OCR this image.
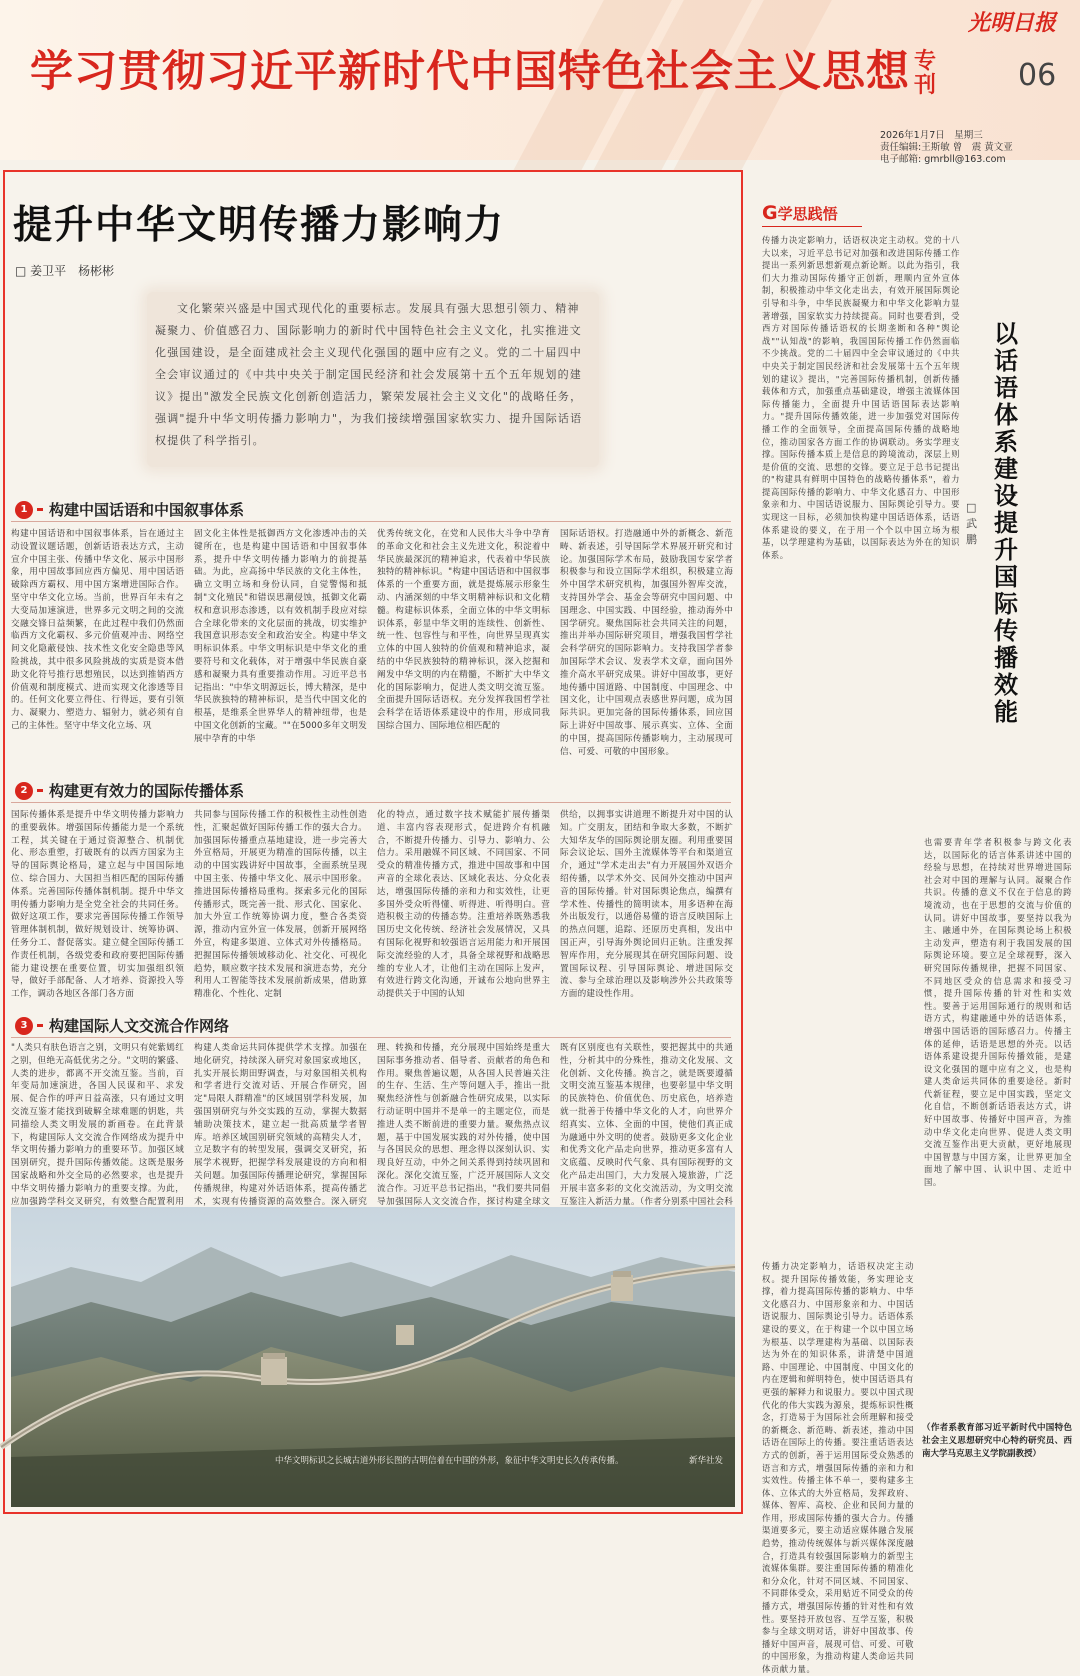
学习贯彻习近平新时代中国特色社会主义思想 专刊
光明日报
06
2026年1月7日　星期三
责任编辑:王斯敏 曾　震 黄文亚
电子邮箱: gmrbll@163.com
提升中华文明传播力影响力
□ 姜卫平　杨彬彬

文化繁荣兴盛是中国式现代化的重要标志。发展具有强大思想引领力、精神凝聚力、价值感召力、国际影响力的新时代中国特色社会主义文化，扎实推进文化强国建设，是全面建成社会主义现代化强国的题中应有之义。党的二十届四中全会审议通过的《中共中央关于制定国民经济和社会发展第十五个五年规划的建议》提出"激发全民族文化创新创造活力，繁荣发展社会主义文化"的战略任务，强调"提升中华文明传播力影响力"，为我们接续增强国家软实力、提升国际话语权提供了科学指引。

1	构建中国话语和中国叙事体系
构建中国话语和中国叙事体系，旨在通过主动设置议题话题，创新话语表达方式，主动宣介中国主张、传播中华文化、展示中国形象，用中国故事回应西方偏见、用中国话语破除西方霸权、用中国方案增进国际合作。坚守中华文化立场。当前，世界百年未有之大变局加速演进，世界多元文明之间的交流交融交锋日益频繁，在此过程中我们仍然面临西方文化霸权、多元价值观冲击、网络空间文化隐蔽侵蚀、技术性文化安全隐患等风险挑战，其中很多风险挑战的实质是资本借助文化符号推行思想殖民，以达到推销西方价值观和制度模式、进而实现文化渗透等目的。任何文化要立得住、行得远，要有引领力、凝聚力、塑造力、辐射力，就必须有自己的主体性。坚守中华文化立场、巩
固文化主体性是抵御西方文化渗透冲击的关键所在，也是构建中国话语和中国叙事体系，提升中华文明传播力影响力的前提基础。为此，应高扬中华民族的文化主体性，确立文明立场和身份认同，自觉警惕和抵制"文化殖民"和错误思潮侵蚀，抵御文化霸权和意识形态渗透，以有效机制手段应对综合全球化带来的文化层面的挑战，切实维护我国意识形态安全和政治安全。构建中华文明标识体系。中华文明标识是中华文化的重要符号和文化载体，对于增强中华民族自豪感和凝聚力具有重要推动作用。习近平总书记指出："中华文明源远长，博大精深，是中华民族独特的精神标识，是当代中国文化的根基，是维系全世界华人的精神纽带，也是中国文化创新的宝藏。""在5000多年文明发展中孕育的中华
优秀传统文化，在党和人民伟大斗争中孕育的革命文化和社会主义先进文化，积淀着中华民族最深沉的精神追求，代表着中华民族独特的精神标识。"构建中国话语和中国叙事体系的一个重要方面，就是提炼展示形象生动、内涵深刻的中华文明精神标识和文化精髓。构建标识体系，全面立体的中华文明标识体系，彰显中华文明的连续性、创新性、统一性、包容性与和平性，向世界呈现真实立体的中国人独特的价值观和精神追求，凝结的中华民族独特的精神标识，深入挖掘和阐发中华文明的内在精髓，不断扩大中华文化的国际影响力，促进人类文明交流互鉴。全面提升国际话语权。充分发挥我国哲学社会科学在话语体系建设中的作用，形成同我国综合国力、国际地位相匹配的
国际话语权。打造融通中外的新概念、新范畴、新表述，引导国际学术界展开研究和讨论。加强国际学术布局，鼓励我国专家学者积极参与和设立国际学术组织，积极建立海外中国学术研究机构，加强国外智库交流，支持国外学会、基金会等研究中国问题、中国理念、中国实践、中国经验，推动海外中国学研究。聚焦国际社会共同关注的问题，推出并举办国际研究项目，增强我国哲学社会科学研究的国际影响力。支持我国学者参加国际学术会议、发表学术文章，面向国外推介高水平研究成果。讲好中国故事，更好地传播中国道路、中国制度、中国理念、中国文化，让中国观点表感世界问题，成为国际共识。更加完备的国际传播体系，回应国际上讲好中国故事、展示真实、立体、全面的中国，提高国际传播影响力，主动展现可信、可爱、可敬的中国形象。
2	构建更有效力的国际传播体系
国际传播体系是提升中华文明传播力影响力的重要载体。增强国际传播能力是一个系统工程，其关键在于通过资源整合、机制优化、形态重塑，打破既有的以西方国家为主导的国际舆论格局，建立起与中国国际地位、综合国力、大国担当相匹配的国际传播体系。完善国际传播体制机制。提升中华文明传播力影响力是全党全社会的共同任务。做好这项工作，要求完善国际传播工作领导管理体制机制，做好规划设计、统筹协调、任务分工、督促落实。建立健全国际传播工作责任机制，各级党委和政府要把国际传播能力建设摆在重要位置，切实加强组织领导，做好手部配备、人才培养、资源投入等工作，调动各地区各部门各方面
共同参与国际传播工作的积极性主动性创造性，汇聚起做好国际传播工作的强大合力。加强国际传播重点基地建设，进一步完善大外宣格局，开展更为精准的国际传播，以主动的中国实践讲好中国故事，全面系统呈现中国主张、传播中华文化、展示中国形象。推进国际传播格局重构。探索多元化的国际传播形式，既完善一批、形式化、国家化、加大外宣工作统筹协调力度，整合各类资源，推动内宣外宣一体发展，创新开展网络外宣，构建多渠道、立体式对外传播格局。把握国际传播领域移动化、社交化、可视化趋势，顺应数字技术发展和演进态势，充分利用人工智能等技术发展前新成果，借助算精准化、个性化、定制
化的特点，通过数字技术赋能扩展传播渠道、丰富内容表现形式，促进跨介有机融合，不断提升传播力、引导力、影响力、公信力。采用融媒不同区域、不同国家、不同受众的精准传播方式，推进中国故事和中国声音的全球化表达、区域化表达、分众化表达，增强国际传播的亲和力和实效性，让更多国外受众听得懂、听得进、听得明白。营造积极主动的传播态势。注重培养既熟悉我国历史文化传统、经济社会发展情况，又具有国际化视野和较强语言运用能力和开展国际交流经验的人才，具备全球视野和战略思维的专业人才，让他们主动在国际上发声，有效进行跨文化沟通，开诚布公地向世界主动提供关于中国的认知
供给，以拥事实讲道理不断提升对中国的认知。广交朋友，团结和争取大多数，不断扩大知华友华的国际舆论朋友圈。利用重要国际会议论坛、国外主流媒体等平台和渠道宣介，通过"学术走出去"有力开展国外双语介绍传播，以学术外交、民间外交推动中国声音的国际传播。针对国际舆论焦点，编撰有学术性、传播性的简明读本，用多语种在海外出版发行，以通俗易懂的语言反映国际上的热点问题，追踪、还原历史真相，发出中国正声，引导海外舆论回归正轨。注重发挥智库作用，充分展现其在研究国际问题、设置国际议程、引导国际舆论、增进国际交流、参与全球治理以及影响涉外公共政策等方面的建设性作用。
3	构建国际人文交流合作网络
"人类只有肤色语言之别，文明只有姹紫嫣红之别，但绝无高低优劣之分。"文明的繁盛、人类的进步，都离不开交流互鉴。当前，百年变局加速演进，各国人民谋和平、求发展、促合作的呼声日益高涨，只有通过文明交流互鉴才能找到破解全球难题的钥匙，共同描绘人类文明发展的新画卷。在此背景下，构建国际人文交流合作网络成为提升中华文明传播力影响力的重要环节。加强区域国别研究，提升国际传播效能。这既是服务国家战略和外交全局的必然要求，也是提升中华文明传播力影响力的重要支撑。为此，应加强跨学科交叉研究，有效整合配置利用
构建人类命运共同体提供学术支撑。加强在地化研究，持续深入研究对象国家或地区，扎实开展长期田野调查，与对象国相关机构和学者进行交流对话、开展合作研究，固定"局限人群精准"的区域国别学科发展，加强国别研究与外交实践的互动，掌握大数据辅助决策技术，建立起一批高质量学者智库。培养区域国别研究领域的高精尖人才，立足数字有的转型发展，强调交叉研究，拓展学术视野，把握学科发展建设的方向和相关问题。加强国际传播理论研究，掌握国际传播规律，构建对外话语体系，提高传播艺术，实现有传播资源的高效整合。深入研究
理、转换和传播，充分展现中国始终是重大国际事务推动者、倡导者、贡献者的角色和作用。聚焦普遍议题，从各国人民普遍关注的生存、生活、生产等问题入手，推出一批聚焦经济性与创新融合性研究成果，以实际行动证明中国并不是单一的主题定位，而是推进人类不断前进的重要力量。聚焦热点议题，基于中国发展实践的对外传播，使中国与各国民众的思想、理念得以深刻认识、实现良好互动，中外之间关系得到持续巩固和深化。深化交流互鉴，广泛开展国际人文交流合作。习近平总书记指出，"我们要共同倡导加强国际人文交流合作，探讨构建全球文
既有区别度也有关联性，要把握其中的共通性，分析其中的分殊性，推动文化发展、文化创新、文化传播。换言之，就是既要遵循文明交流互鉴基本规律，也要彰显中华文明的民族特色、价值优色、历史底色，培养造就一批善于传播中华文化的人才，向世界介绍真实、立体、全面的中国，使他们真正成为融通中外文明的使者。鼓励更多文化企业和优秀文化产品走向世界，推动更多富有人文底蕴、反映时代气象、具有国际视野的文化产品走出国门，大力发展入境旅游，广泛开展丰富多彩的文化交流活动，为文明交流互鉴注入新活力量。（作者分别系中国社会科
中华文明标识之长城古道外形长图的古明信着在中国的外形，象征中华文明史长久传承传播。	新华社发
G学思践悟
传播力决定影响力，话语权决定主动权。党的十八大以来，习近平总书记对加强和改进国际传播工作提出一系列新思想新观点新论断。以此为指引，我们大力推动国际传播守正创新，理顺内宣外宣体制，积极推动中华文化走出去，有效开展国际舆论引导和斗争，中华民族凝聚力和中华文化影响力显著增强，国家软实力持续提高。同时也要看到，受西方对国际传播话语权的长期垄断和各种"舆论战""认知战"的影响，我国国际传播工作仍然面临不少挑战。党的二十届四中全会审议通过的《中共中央关于制定国民经济和社会发展第十五个五年规划的建议》提出，"完善国际传播机制，创新传播载体和方式，加强重点基础建设，增强主流媒体国际传播能力，全面提升中国话语国际表达影响力。"提升国际传播效能，进一步加强党对国际传播工作的全面领导，全面提高国际传播的战略地位，推动国家各方面工作的协调联动。务实学理支撑。国际传播本质上是信息的跨境流动，深层上则是价值的交流、思想的交锋。要立足于总书记提出的"构建具有鲜明中国特色的战略传播体系"，着力提高国际传播的影响力、中华文化感召力、中国形象亲和力、中国话语说服力、国际舆论引导力。要实现这一目标，必须加快构建中国话语体系，话语体系建设的要义，在于用一个个以中国立场为根基，以学理建构为基础，以国际表达为外在的知识体系。
以话语体系建设提升国际传播效能
□ 武　鹏
传播力决定影响力，话语权决定主动权。提升国际传播效能，务实理论支撑，着力提高国际传播的影响力、中华文化感召力、中国形象亲和力、中国话语说服力、国际舆论引导力。话语体系建设的要义，在于构建一个以中国立场为根基、以学理建构为基础、以国际表达为外在的知识体系，讲清楚中国道路、中国理论、中国制度、中国文化的内在逻辑和鲜明特色，使中国话语具有更强的解释力和说服力。要以中国式现代化的伟大实践为源泉，提炼标识性概念，打造易于为国际社会所理解和接受的新概念、新范畴、新表述，推动中国话语在国际上的传播。要注重话语表达方式的创新，善于运用国际受众熟悉的语言和方式，增强国际传播的亲和力和实效性。传播主体不单一，要构建多主体、立体式的大外宣格局，发挥政府、媒体、智库、高校、企业和民间力量的作用，形成国际传播的强大合力。传播渠道要多元，要主动适应媒体融合发展趋势，推动传统媒体与新兴媒体深度融合，打造具有较强国际影响力的新型主流媒体集群。要注重国际传播的精准化和分众化，针对不同区域、不同国家、不同群体受众，采用贴近不同受众的传播方式，增强国际传播的针对性和有效性。要坚持开放包容、互学互鉴，积极参与全球文明对话，讲好中国故事、传播好中国声音，展现可信、可爱、可敬的中国形象，为推动构建人类命运共同体贡献力量。
也需要青年学者积极参与跨文化表达，以国际化的话言体系讲述中国的经验与思想，在持续对世界增进国际社会对中国的理解与认同。凝聚合作共识。传播的意义不仅在于信息的跨境流动，也在于思想的交流与价值的认同。讲好中国故事，要坚持以我为主、融通中外，在国际舆论场上积极主动发声，塑造有利于我国发展的国际舆论环境。要立足全球视野，深入研究国际传播规律，把握不同国家、不同地区受众的信息需求和接受习惯，提升国际传播的针对性和实效性。要善于运用国际通行的规则和话语方式，构建融通中外的话语体系，增强中国话语的国际感召力。传播主体的延伸，话语是思想的外壳。以话语体系建设提升国际传播效能，是建设文化强国的题中应有之义，也是构建人类命运共同体的重要途径。新时代新征程，要立足中国实践，坚定文化自信，不断创新话语表达方式，讲好中国故事、传播好中国声音，为推动中华文化走向世界、促进人类文明交流互鉴作出更大贡献，更好地展现中国智慧与中国方案，让世界更加全面地了解中国、认识中国、走近中国。
（作者系教育部习近平新时代中国特色社会主义思想研究中心特约研究员、西南大学马克思主义学院副教授）
